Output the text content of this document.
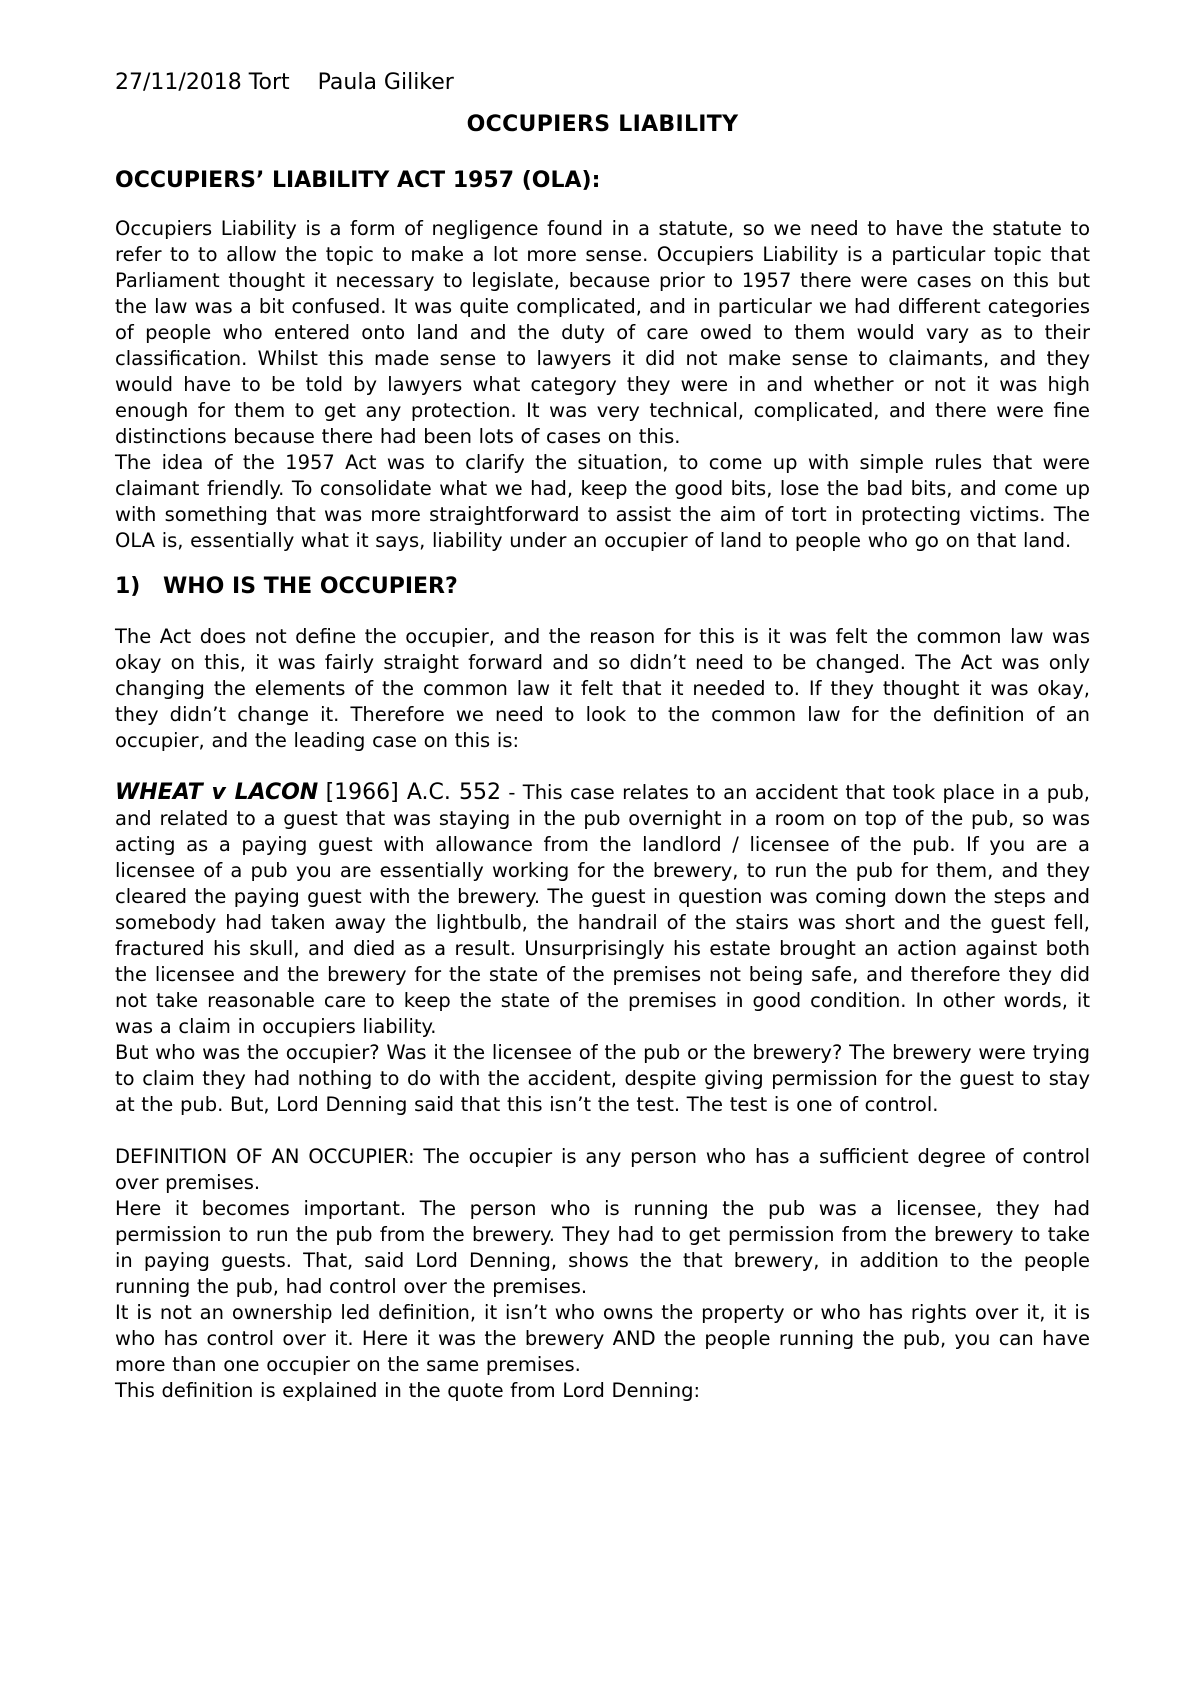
27/11/2018 Tort Paula Giliker
OCCUPIERS LIABILITY
OCCUPIERS’ LIABILITY ACT 1957 (OLA):

Occupiers Liability is a form of negligence found in a statute, so we need to have the statute to refer to to allow the topic to make a lot more sense. Occupiers Liability is a particular topic that Parliament thought it necessary to legislate, because prior to 1957 there were cases on this but the law was a bit confused. It was quite complicated, and in particular we had different categories of people who entered onto land and the duty of care owed to them would vary as to their classification. Whilst this made sense to lawyers it did not make sense to claimants, and they would have to be told by lawyers what category they were in and whether or not it was high enough for them to get any protection. It was very technical, complicated, and there were fine distinctions because there had been lots of cases on this.

The idea of the 1957 Act was to clarify the situation, to come up with simple rules that were claimant friendly. To consolidate what we had, keep the good bits, lose the bad bits, and come up with something that was more straightforward to assist the aim of tort in protecting victims. The OLA is, essentially what it says, liability under an occupier of land to people who go on that land.

1) WHO IS THE OCCUPIER?

The Act does not define the occupier, and the reason for this is it was felt the common law was okay on this, it was fairly straight forward and so didn’t need to be changed. The Act was only changing the elements of the common law it felt that it needed to. If they thought it was okay, they didn’t change it. Therefore we need to look to the common law for the definition of an occupier, and the leading case on this is:

WHEAT v LACON [1966] A.C. 552 - This case relates to an accident that took place in a pub, and related to a guest that was staying in the pub overnight in a room on top of the pub, so was acting as a paying guest with allowance from the landlord / licensee of the pub. If you are a licensee of a pub you are essentially working for the brewery, to run the pub for them, and they cleared the paying guest with the brewery. The guest in question was coming down the steps and somebody had taken away the lightbulb, the handrail of the stairs was short and the guest fell, fractured his skull, and died as a result. Unsurprisingly his estate brought an action against both the licensee and the brewery for the state of the premises not being safe, and therefore they did not take reasonable care to keep the state of the premises in good condition. In other words, it was a claim in occupiers liability.

But who was the occupier? Was it the licensee of the pub or the brewery? The brewery were trying to claim they had nothing to do with the accident, despite giving permission for the guest to stay at the pub. But, Lord Denning said that this isn’t the test. The test is one of control.

DEFINITION OF AN OCCUPIER: The occupier is any person who has a sufficient degree of control over premises.

Here it becomes important. The person who is running the pub was a licensee, they had permission to run the pub from the brewery. They had to get permission from the brewery to take in paying guests. That, said Lord Denning, shows the that brewery, in addition to the people running the pub, had control over the premises.

It is not an ownership led definition, it isn’t who owns the property or who has rights over it, it is who has control over it. Here it was the brewery AND the people running the pub, you can have more than one occupier on the same premises.

This definition is explained in the quote from Lord Denning:
